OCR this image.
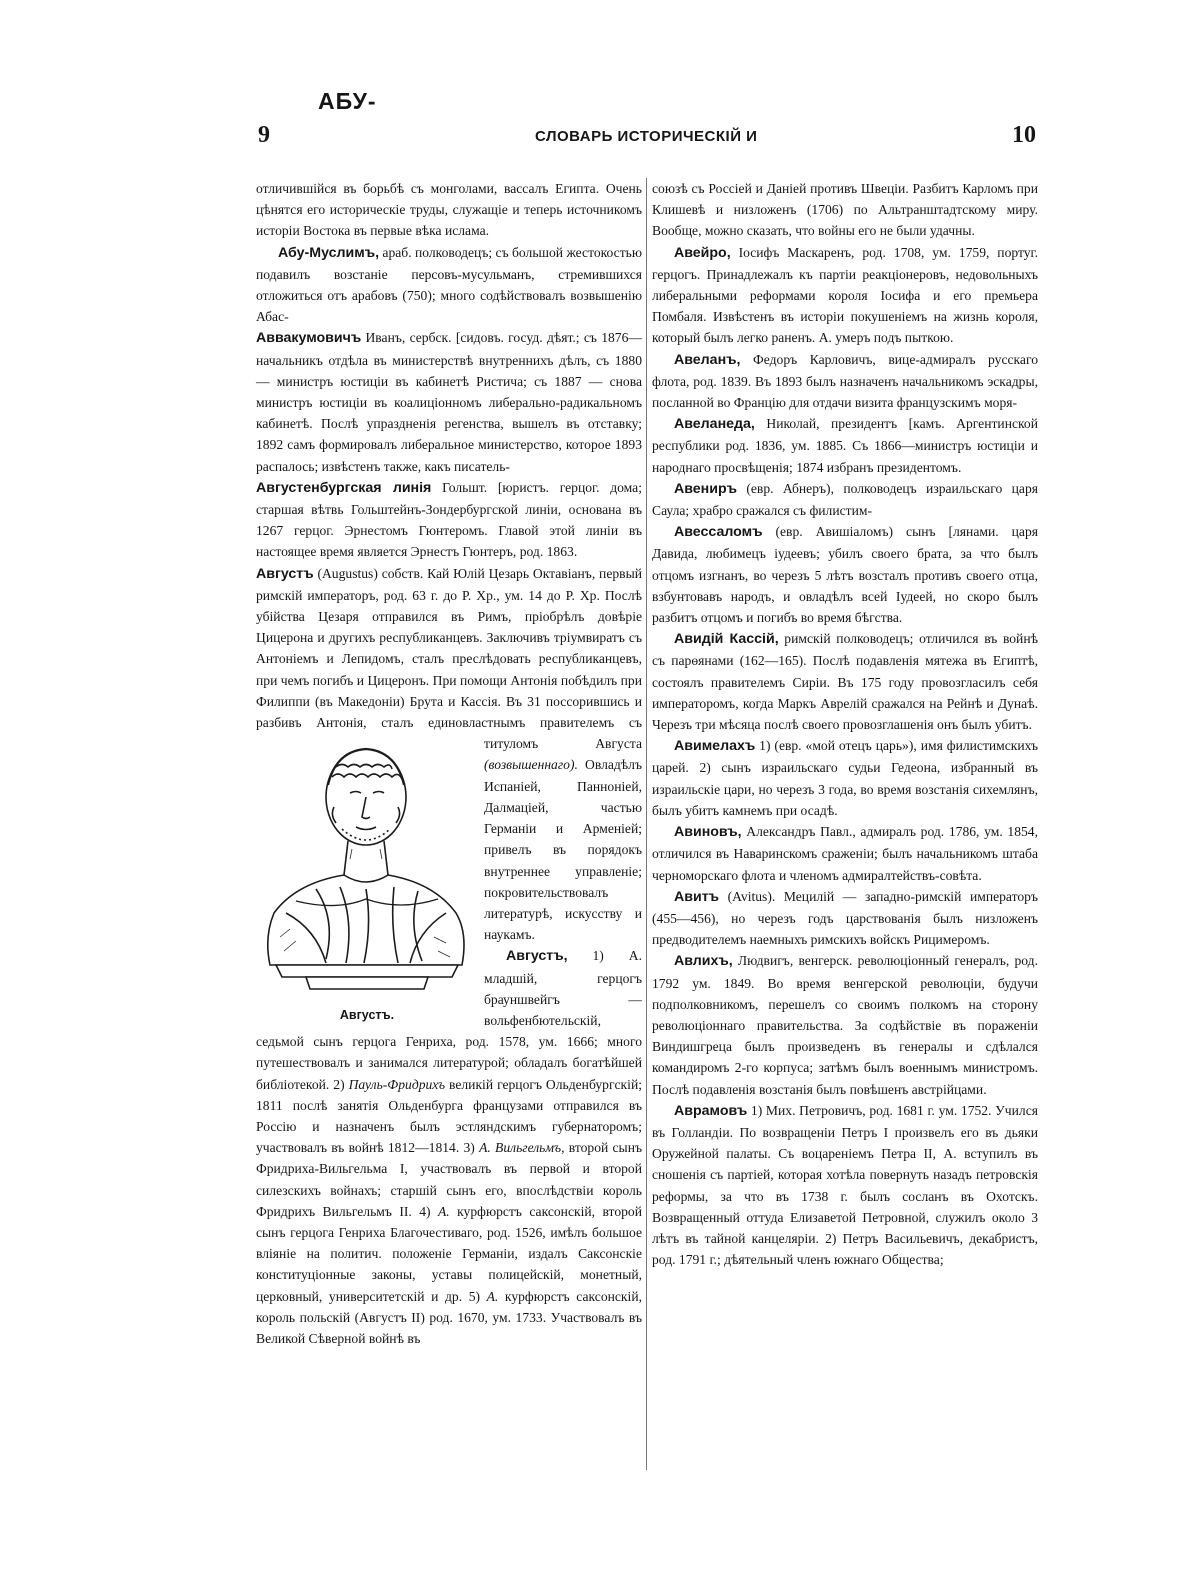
АБУ-
9	СЛОВАРЬ ИСТОРИЧЕСКІЙ И	10

отличившійся въ борьбѣ съ монголами, вассалъ Египта. Очень цѣнятся его историческіе труды, служащіе и теперь источникомъ исторіи Востока въ первые вѣка ислама.

Абу-Муслимъ, араб. полководецъ; съ большой жестокостью подавилъ возстаніе персовъ-мусульманъ, стремившихся отложиться отъ арабовъ (750); много содѣйствовалъ возвышенію Абас-

Аввакумовичъ Иванъ, сербск. [сидовъ. госуд. дѣят.; съ 1876—начальникъ отдѣла въ министерствѣ внутреннихъ дѣлъ, съ 1880 — министръ юстиціи въ кабинетѣ Ристича; съ 1887 — снова министръ юстиціи въ коалиціонномъ либерально-радикальномъ кабинетѣ. Послѣ упраздненія регенства, вышелъ въ отставку; 1892 самъ формировалъ либеральное министерство, которое 1893 распалось; извѣстенъ также, какъ писатель-

Августенбургская линія Гольшт. [юристъ. герцог. дома; старшая вѣтвь Гольштейнъ-Зондербургской линіи, основана въ 1267 герцог. Эрнестомъ Гюнтеромъ. Главой этой линіи въ настоящее время является Эрнестъ Гюнтеръ, род. 1863.

Августъ (Augustus) собств. Кай Юлій Цезарь Октавіанъ, первый римскій императоръ, род. 63 г. до Р. Хр., ум. 14 до Р. Хр. Послѣ убійства Цезаря отправился въ Римъ, пріобрѣлъ довѣріе Цицерона и другихъ республиканцевъ. Заключивъ тріумвиратъ съ Антоніемъ и Лепидомъ, сталъ преслѣдовать республиканцевъ, при чемъ погибъ и Цицеронъ. При помощи Антонія побѣдилъ при Филиппи (въ Македоніи) Брута и Кассія. Въ 31 поссорившись и разбивъ Антонія, сталъ единовластнымъ правителемъ съ титуломъ Августа
Августъ.
(возвышеннаго). Овладѣлъ Испаніей, Панноніей, Далмаціей, частью Германіи и Арменіей; привелъ въ порядокъ внутреннее управленіе; покровительствовалъ литературѣ, искусству и наукамъ.

Августъ, 1) А. младшій, герцогъ брауншвейгъ — вольфенбютельскій, седьмой сынъ герцога Генриха, род. 1578, ум. 1666; много путешествовалъ и занимался литературой; обладалъ богатѣйшей библіотекой. 2) Пауль-Фридрихъ великій герцогъ Ольденбургскій; 1811 послѣ занятія Ольденбурга французами отправился въ Россію и назначенъ былъ эстляндскимъ губернаторомъ; участвовалъ въ войнѣ 1812—1814. 3) А. Вильгельмъ, второй сынъ Фридриха-Вильгельма I, участвовалъ въ первой и второй силезскихъ войнахъ; старшій сынъ его, впослѣдствіи король Фридрихъ Вильгельмъ II. 4) А. курфюрстъ саксонскій, второй сынъ герцога Генриха Благочестиваго, род. 1526, имѣлъ большое вліяніе на политич. положеніе Германіи, издалъ Саксонскіе конституціонные законы, уставы полицейскій, монетный, церковный, университетскій и др. 5) А. курфюрстъ саксонскій, король польскій (Августъ II) род. 1670, ум. 1733. Участвовалъ въ Великой Сѣверной войнѣ въ

союзѣ съ Россіей и Даніей противъ Швеціи. Разбитъ Карломъ при Клишевѣ и низложенъ (1706) по Альтранштадтскому миру. Вообще, можно сказать, что войны его не были удачны.

Авейро, Іосифъ Маскаренъ, род. 1708, ум. 1759, португ. герцогъ. Принадлежалъ къ партіи реакціонеровъ, недовольныхъ либеральными реформами короля Іосифа и его премьера Помбаля. Извѣстенъ въ исторіи покушеніемъ на жизнь короля, который былъ легко раненъ. А. умеръ подъ пыткою.

Авеланъ, Федоръ Карловичъ, вице-адмиралъ русскаго флота, род. 1839. Въ 1893 былъ назначенъ начальникомъ эскадры, посланной во Францію для отдачи визита французскимъ моря-

Авеланеда, Николай, президентъ [камъ. Аргентинской республики род. 1836, ум. 1885. Съ 1866—министръ юстиціи и народнаго просвѣщенія; 1874 избранъ президентомъ.

Авениръ (евр. Абнеръ), полководецъ израильскаго царя Саула; храбро сражался съ филистим-

Авессаломъ (евр. Авишіаломъ) сынъ [лянами. царя Давида, любимецъ іудеевъ; убилъ своего брата, за что былъ отцомъ изгнанъ, во черезъ 5 лѣтъ возсталъ противъ своего отца, взбунтовавъ народъ, и овладѣлъ всей Іудеей, но скоро былъ разбитъ отцомъ и погибъ во время бѣгства.

Авидій Кассій, римскій полководецъ; отличился въ войнѣ съ парѳянами (162—165). Послѣ подавленія мятежа въ Египтѣ, состоялъ правителемъ Сиріи. Въ 175 году провозгласилъ себя императоромъ, когда Маркъ Аврелій сражался на Рейнѣ и Дунаѣ. Черезъ три мѣсяца послѣ своего провозглашенія онъ былъ убитъ.

Авимелахъ 1) (евр. «мой отецъ царь»), имя филистимскихъ царей. 2) сынъ израильскаго судьи Гедеона, избранный въ израильскіе цари, но черезъ 3 года, во время возстанія сихемлянъ, былъ убитъ камнемъ при осадѣ.

Авиновъ, Александръ Павл., адмиралъ род. 1786, ум. 1854, отличился въ Наваринскомъ сраженіи; былъ начальникомъ штаба черноморскаго флота и членомъ адмиралтействъ-совѣта.

Авитъ (Avitus). Мецилій — западно-римскій императоръ (455—456), но черезъ годъ царствованія былъ низложенъ предводителемъ наемныхъ римскихъ войскъ Рицимеромъ.

Авлихъ, Людвигъ, венгерск. революціонный генералъ, род. 1792 ум. 1849. Во время венгерской революціи, будучи подполковникомъ, перешелъ со своимъ полкомъ на сторону революціоннаго правительства. За содѣйствіе въ пораженіи Виндишгреца былъ произведенъ въ генералы и сдѣлался командиромъ 2-го корпуса; затѣмъ былъ военнымъ министромъ. Послѣ подавленія возстанія былъ повѣшенъ австрійцами.

Аврамовъ 1) Мих. Петровичъ, род. 1681 г. ум. 1752. Учился въ Голландіи. По возвращеніи Петръ I произвелъ его въ дьяки Оружейной палаты. Съ воцареніемъ Петра II, А. вступилъ въ сношенія съ партіей, которая хотѣла повернуть назадъ петровскія реформы, за что въ 1738 г. былъ сосланъ въ Охотскъ. Возвращенный оттуда Елизаветой Петровной, служилъ около 3 лѣтъ въ тайной канцеляріи. 2) Петръ Васильевичъ, декабристъ, род. 1791 г.; дѣятельный членъ южнаго Общества;
